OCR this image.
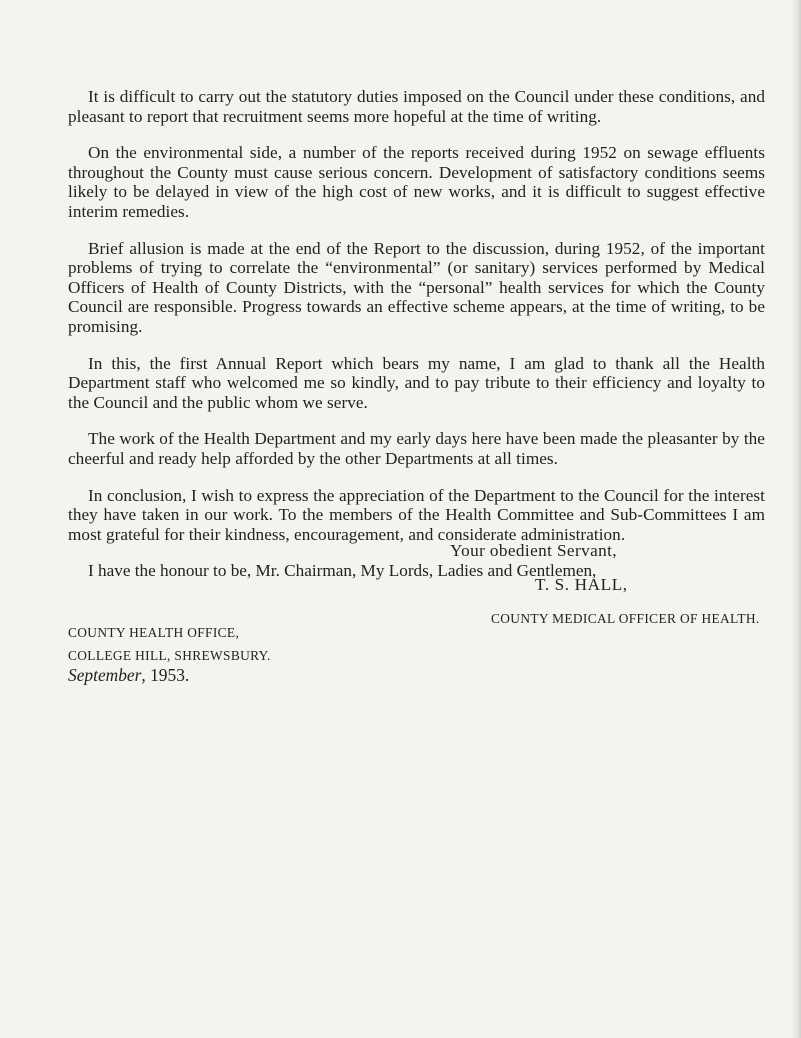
It is difficult to carry out the statutory duties imposed on the Council under these conditions, and pleasant to report that recruitment seems more hopeful at the time of writing.

On the environmental side, a number of the reports received during 1952 on sewage effluents throughout the County must cause serious concern. Development of satisfactory conditions seems likely to be delayed in view of the high cost of new works, and it is difficult to suggest effective interim remedies.

Brief allusion is made at the end of the Report to the discussion, during 1952, of the important problems of trying to correlate the “environmental” (or sanitary) services performed by Medical Officers of Health of County Districts, with the “personal” health services for which the County Council are responsible. Progress towards an effective scheme appears, at the time of writing, to be promising.

In this, the first Annual Report which bears my name, I am glad to thank all the Health Department staff who welcomed me so kindly, and to pay tribute to their efficiency and loyalty to the Council and the public whom we serve.

The work of the Health Department and my early days here have been made the pleasanter by the cheerful and ready help afforded by the other Departments at all times.

In conclusion, I wish to express the appreciation of the Department to the Council for the interest they have taken in our work. To the members of the Health Committee and Sub-Committees I am most grateful for their kindness, encouragement, and considerate administration.

I have the honour to be, Mr. Chairman, My Lords, Ladies and Gentlemen,

Your obedient Servant,
T. S. HALL,
COUNTY MEDICAL OFFICER OF HEALTH.
COUNTY HEALTH OFFICE,
COLLEGE HILL, SHREWSBURY.
September, 1953.
